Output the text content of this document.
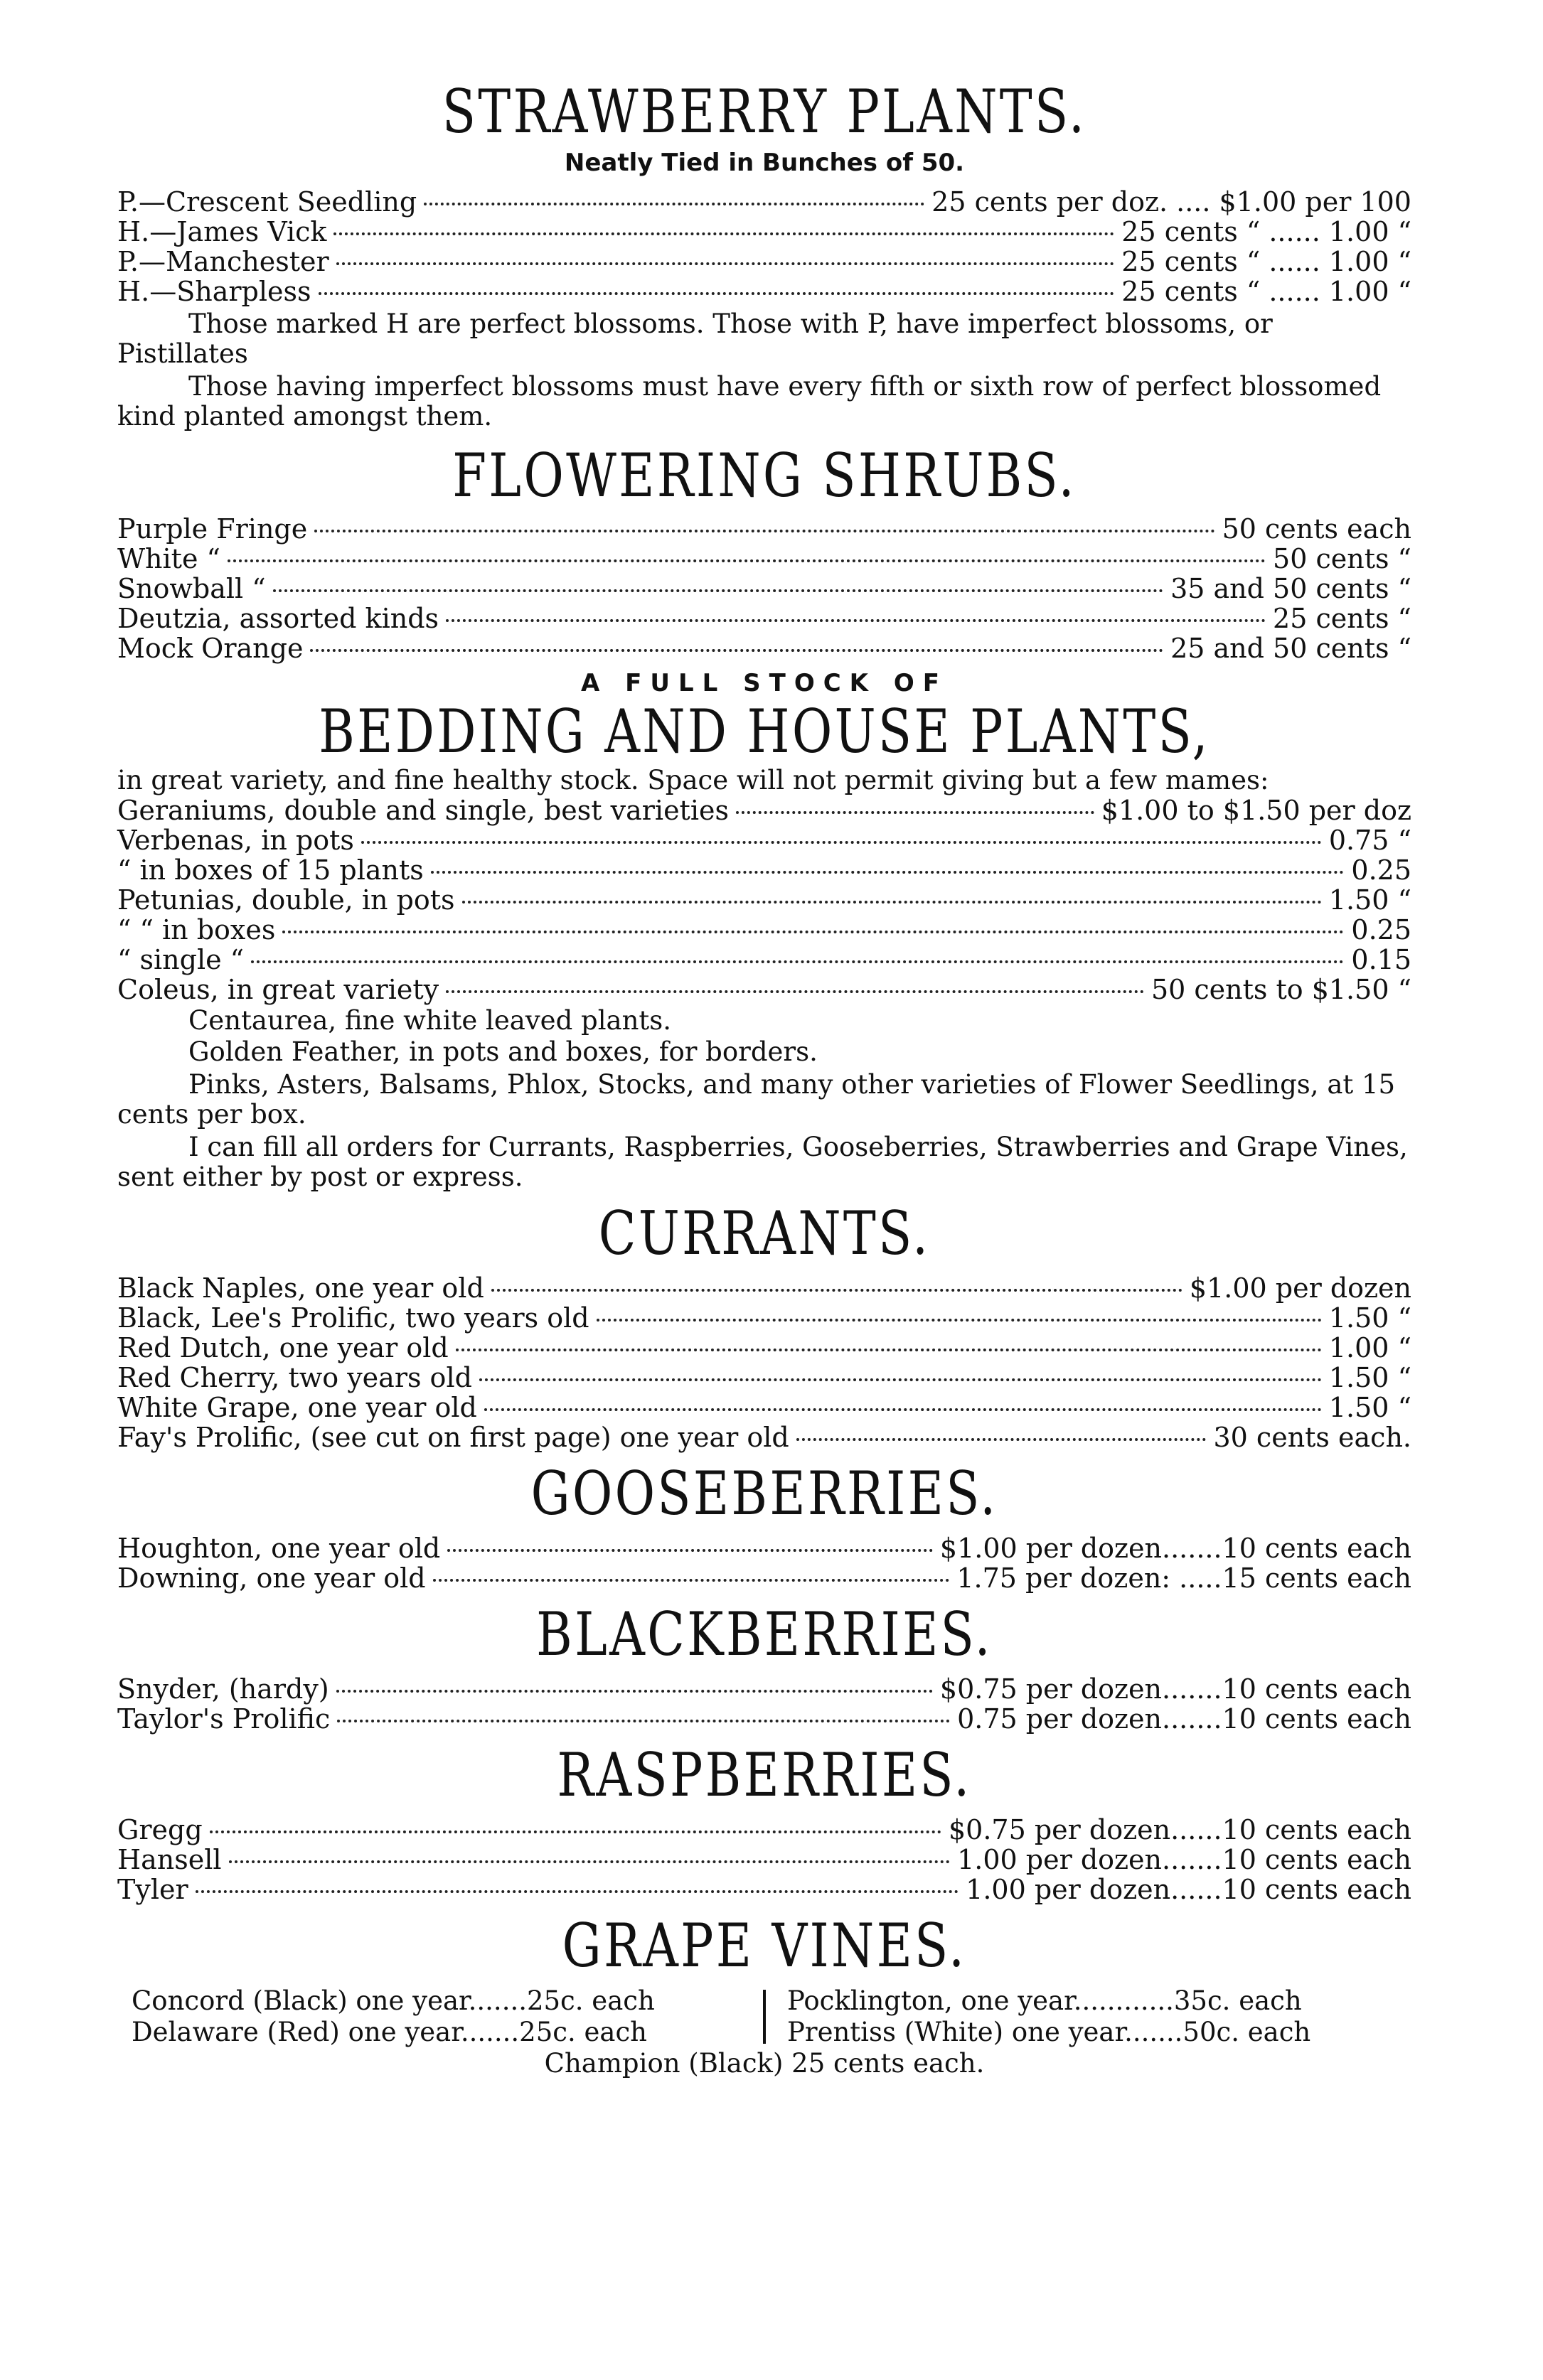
STRAWBERRY PLANTS.
Neatly Tied in Bunches of 50.
P.—Crescent Seedling	25 cents per doz. .... $1.00 per 100
H.—James Vick	25 cents “ ...... 1.00 “
P.—Manchester	25 cents “ ...... 1.00 “
H.—Sharpless	25 cents “ ...... 1.00 “

Those marked H are perfect blossoms. Those with P, have imperfect blossoms, or Pistillates

Those having imperfect blossoms must have every fifth or sixth row of perfect blossomed kind planted amongst them.

FLOWERING SHRUBS.
Purple Fringe	50 cents each
White “	50 cents “
Snowball “	35 and 50 cents “
Deutzia, assorted kinds	25 cents “
Mock Orange	25 and 50 cents “
A FULL STOCK OF
BEDDING AND HOUSE PLANTS,
in great variety, and fine healthy stock. Space will not permit giving but a few mames:
Geraniums, double and single, best varieties	$1.00 to $1.50 per doz
Verbenas, in pots	0.75 “
“ in boxes of 15 plants	0.25
Petunias, double, in pots	1.50 “
“ “ in boxes	0.25
“ single “	0.15
Coleus, in great variety	50 cents to $1.50 “
Centaurea, fine white leaved plants.
Golden Feather, in pots and boxes, for borders.

Pinks, Asters, Balsams, Phlox, Stocks, and many other varieties of Flower Seedlings, at 15 cents per box.

I can fill all orders for Currants, Raspberries, Gooseberries, Strawberries and Grape Vines, sent either by post or express.

CURRANTS.
Black Naples, one year old	$1.00 per dozen
Black, Lee's Prolific, two years old	1.50 “
Red Dutch, one year old	1.00 “
Red Cherry, two years old	1.50 “
White Grape, one year old	1.50 “
Fay's Prolific, (see cut on first page) one year old	30 cents each.
GOOSEBERRIES.
Houghton, one year old	$1.00 per dozen.......10 cents each
Downing, one year old	1.75 per dozen: .....15 cents each
BLACKBERRIES.
Snyder, (hardy)	$0.75 per dozen.......10 cents each
Taylor's Prolific	0.75 per dozen.......10 cents each
RASPBERRIES.
Gregg	$0.75 per dozen......10 cents each
Hansell	1.00 per dozen.......10 cents each
Tyler	1.00 per dozen......10 cents each
GRAPE VINES.
Concord (Black) one year.......25c. each
Delaware (Red) one year.......25c. each
Pocklington, one year............35c. each
Prentiss (White) one year.......50c. each
Champion (Black) 25 cents each.
